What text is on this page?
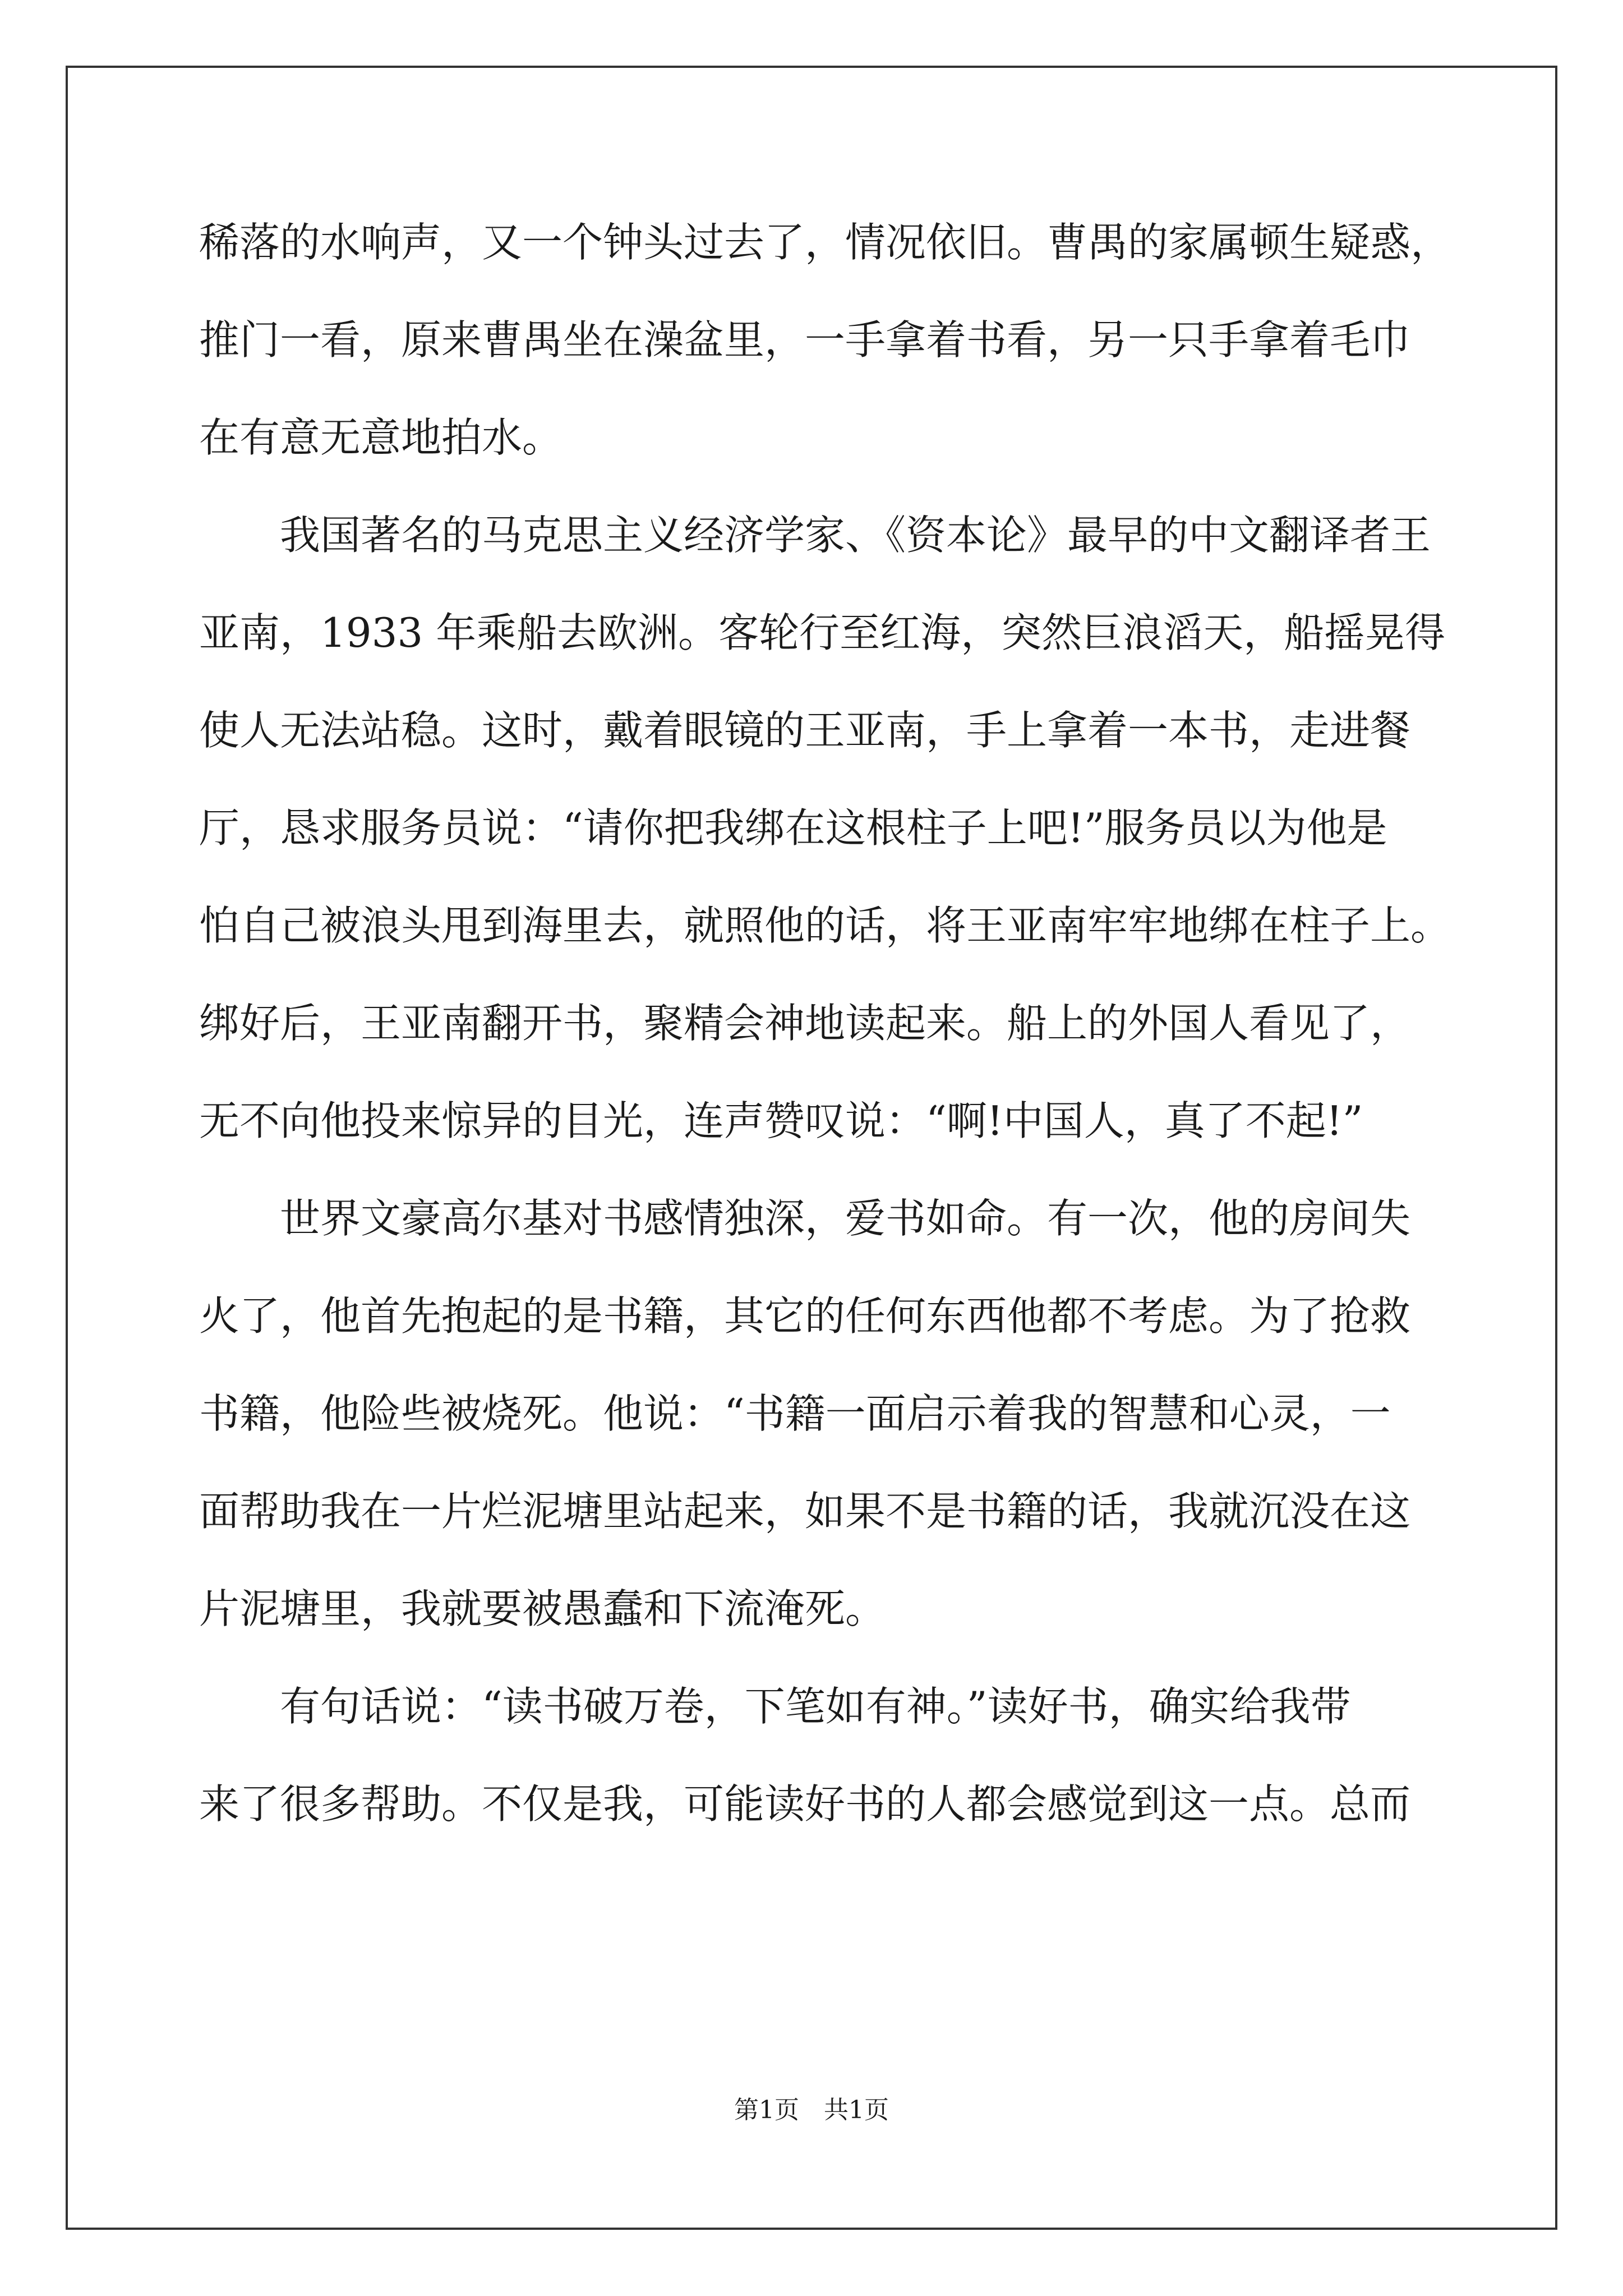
稀落的水响声，又一个钟头过去了，情况依旧。曹禺的家属顿生疑惑，
推门一看，原来曹禺坐在澡盆里，一手拿着书看，另一只手拿着毛巾
在有意无意地拍水。
我国著名的马克思主义经济学家、《资本论》最早的中文翻译者王
亚南，1933 年乘船去欧洲。客轮行至红海，突然巨浪滔天，船摇晃得
使人无法站稳。这时，戴着眼镜的王亚南，手上拿着一本书，走进餐
厅，恳求服务员说：“请你把我绑在这根柱子上吧!”服务员以为他是
怕自己被浪头甩到海里去，就照他的话，将王亚南牢牢地绑在柱子上。
绑好后，王亚南翻开书，聚精会神地读起来。船上的外国人看见了，
无不向他投来惊异的目光，连声赞叹说：“啊!中国人，真了不起!”
世界文豪高尔基对书感情独深，爱书如命。有一次，他的房间失
火了，他首先抱起的是书籍，其它的任何东西他都不考虑。为了抢救
书籍，他险些被烧死。他说：“书籍一面启示着我的智慧和心灵，一
面帮助我在一片烂泥塘里站起来，如果不是书籍的话，我就沉没在这
片泥塘里，我就要被愚蠢和下流淹死。
有句话说：“读书破万卷，下笔如有神。”读好书，确实给我带
来了很多帮助。不仅是我，可能读好书的人都会感觉到这一点。总而
第1页　共1页
